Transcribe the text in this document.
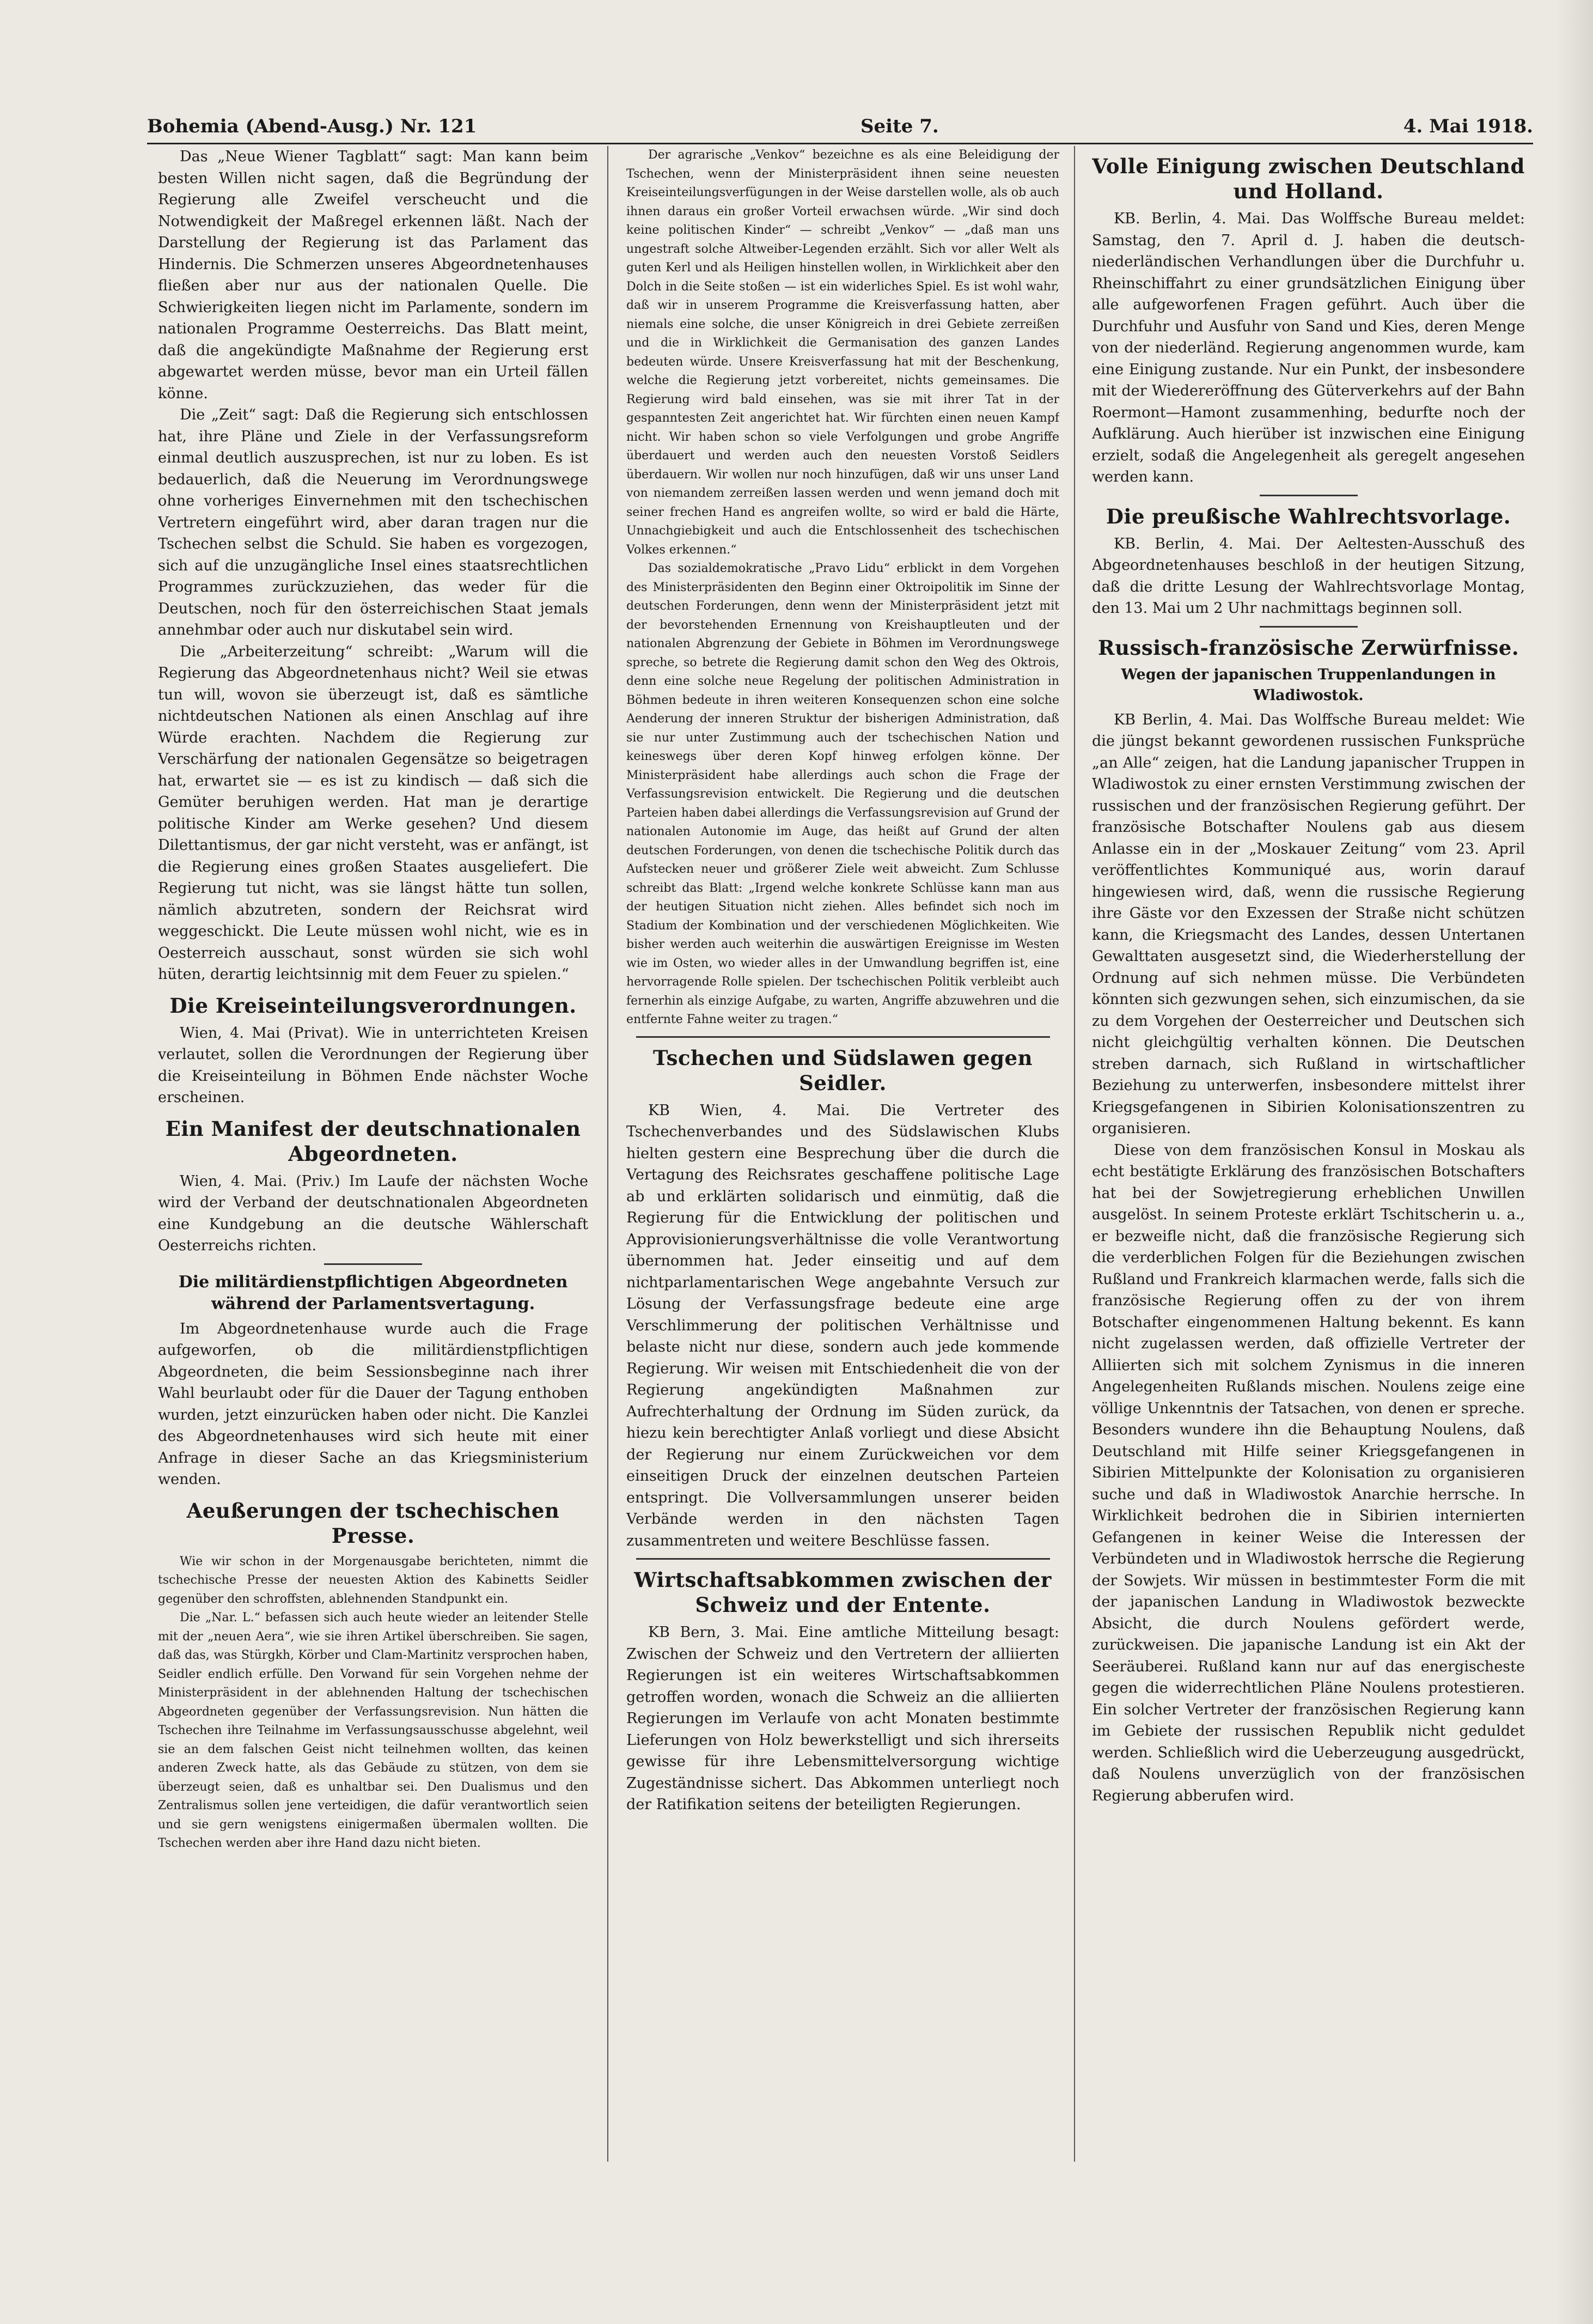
Bohemia (Abend-Ausg.) Nr. 121	Seite 7.	4. Mai 1918.

Das „Neue Wiener Tagblatt“ sagt: Man kann beim besten Willen nicht sagen, daß die Begründung der Regierung alle Zweifel verscheucht und die Notwendigkeit der Maßregel erkennen läßt. Nach der Darstellung der Regierung ist das Parlament das Hindernis. Die Schmerzen unseres Abgeordnetenhauses fließen aber nur aus der nationalen Quelle. Die Schwierigkeiten liegen nicht im Parlamente, sondern im nationalen Programme Oesterreichs. Das Blatt meint, daß die angekündigte Maßnahme der Regierung erst abgewartet werden müsse, bevor man ein Urteil fällen könne.

Die „Zeit“ sagt: Daß die Regierung sich entschlossen hat, ihre Pläne und Ziele in der Verfassungsreform einmal deutlich auszusprechen, ist nur zu loben. Es ist bedauerlich, daß die Neuerung im Verordnungswege ohne vorheriges Einvernehmen mit den tschechischen Vertretern eingeführt wird, aber daran tragen nur die Tschechen selbst die Schuld. Sie haben es vorgezogen, sich auf die unzugängliche Insel eines staatsrechtlichen Programmes zurückzuziehen, das weder für die Deutschen, noch für den österreichischen Staat jemals annehmbar oder auch nur diskutabel sein wird.

Die „Arbeiterzeitung“ schreibt: „Warum will die Regierung das Abgeordnetenhaus nicht? Weil sie etwas tun will, wovon sie überzeugt ist, daß es sämtliche nichtdeutschen Nationen als einen Anschlag auf ihre Würde erachten. Nachdem die Regierung zur Verschärfung der nationalen Gegensätze so beigetragen hat, erwartet sie — es ist zu kindisch — daß sich die Gemüter beruhigen werden. Hat man je derartige politische Kinder am Werke gesehen? Und diesem Dilettantismus, der gar nicht versteht, was er anfängt, ist die Regierung eines großen Staates ausgeliefert. Die Regierung tut nicht, was sie längst hätte tun sollen, nämlich abzutreten, sondern der Reichsrat wird weggeschickt. Die Leute müssen wohl nicht, wie es in Oesterreich ausschaut, sonst würden sie sich wohl hüten, derartig leichtsinnig mit dem Feuer zu spielen.“

Die Kreiseinteilungsverordnungen.

Wien, 4. Mai (Privat). Wie in unterrichteten Kreisen verlautet, sollen die Verordnungen der Regierung über die Kreiseinteilung in Böhmen Ende nächster Woche erscheinen.

Ein Manifest der deutschnationalen Abgeordneten.

Wien, 4. Mai. (Priv.) Im Laufe der nächsten Woche wird der Verband der deutschnationalen Abgeordneten eine Kundgebung an die deutsche Wählerschaft Oesterreichs richten.

Die militärdienstpflichtigen Abgeordneten während der Parlamentsvertagung.

Im Abgeordnetenhause wurde auch die Frage aufgeworfen, ob die militärdienstpflichtigen Abgeordneten, die beim Sessionsbeginne nach ihrer Wahl beurlaubt oder für die Dauer der Tagung enthoben wurden, jetzt einzurücken haben oder nicht. Die Kanzlei des Abgeordnetenhauses wird sich heute mit einer Anfrage in dieser Sache an das Kriegsministerium wenden.

Aeußerungen der tschechischen Presse.

Wie wir schon in der Morgenausgabe berichteten, nimmt die tschechische Presse der neuesten Aktion des Kabinetts Seidler gegenüber den schroffsten, ablehnenden Standpunkt ein.

Die „Nar. L.“ befassen sich auch heute wieder an leitender Stelle mit der „neuen Aera“, wie sie ihren Artikel überschreiben. Sie sagen, daß das, was Stürgkh, Körber und Clam-Martinitz versprochen haben, Seidler endlich erfülle. Den Vorwand für sein Vorgehen nehme der Ministerpräsident in der ablehnenden Haltung der tschechischen Abgeordneten gegenüber der Verfassungsrevision. Nun hätten die Tschechen ihre Teilnahme im Verfassungsausschusse abgelehnt, weil sie an dem falschen Geist nicht teilnehmen wollten, das keinen anderen Zweck hatte, als das Gebäude zu stützen, von dem sie überzeugt seien, daß es unhaltbar sei. Den Dualismus und den Zentralismus sollen jene verteidigen, die dafür verantwortlich seien und sie gern wenigstens einigermaßen übermalen wollten. Die Tschechen werden aber ihre Hand dazu nicht bieten.

Der agrarische „Venkov“ bezeichne es als eine Beleidigung der Tschechen, wenn der Ministerpräsident ihnen seine neuesten Kreiseinteilungsverfügungen in der Weise darstellen wolle, als ob auch ihnen daraus ein großer Vorteil erwachsen würde. „Wir sind doch keine politischen Kinder“ — schreibt „Venkov“ — „daß man uns ungestraft solche Altweiber-Legenden erzählt. Sich vor aller Welt als guten Kerl und als Heiligen hinstellen wollen, in Wirklichkeit aber den Dolch in die Seite stoßen — ist ein widerliches Spiel. Es ist wohl wahr, daß wir in unserem Programme die Kreisverfassung hatten, aber niemals eine solche, die unser Königreich in drei Gebiete zerreißen und die in Wirklichkeit die Germanisation des ganzen Landes bedeuten würde. Unsere Kreisverfassung hat mit der Beschenkung, welche die Regierung jetzt vorbereitet, nichts gemeinsames. Die Regierung wird bald einsehen, was sie mit ihrer Tat in der gespanntesten Zeit angerichtet hat. Wir fürchten einen neuen Kampf nicht. Wir haben schon so viele Verfolgungen und grobe Angriffe überdauert und werden auch den neuesten Vorstoß Seidlers überdauern. Wir wollen nur noch hinzufügen, daß wir uns unser Land von niemandem zerreißen lassen werden und wenn jemand doch mit seiner frechen Hand es angreifen wollte, so wird er bald die Härte, Unnachgiebigkeit und auch die Entschlossenheit des tschechischen Volkes erkennen.“

Das sozialdemokratische „Pravo Lidu“ erblickt in dem Vorgehen des Ministerpräsidenten den Beginn einer Oktroipolitik im Sinne der deutschen Forderungen, denn wenn der Ministerpräsident jetzt mit der bevorstehenden Ernennung von Kreishauptleuten und der nationalen Abgrenzung der Gebiete in Böhmen im Verordnungswege spreche, so betrete die Regierung damit schon den Weg des Oktrois, denn eine solche neue Regelung der politischen Administration in Böhmen bedeute in ihren weiteren Konsequenzen schon eine solche Aenderung der inneren Struktur der bisherigen Administration, daß sie nur unter Zustimmung auch der tschechischen Nation und keineswegs über deren Kopf hinweg erfolgen könne. Der Ministerpräsident habe allerdings auch schon die Frage der Verfassungsrevision entwickelt. Die Regierung und die deutschen Parteien haben dabei allerdings die Verfassungsrevision auf Grund der nationalen Autonomie im Auge, das heißt auf Grund der alten deutschen Forderungen, von denen die tschechische Politik durch das Aufstecken neuer und größerer Ziele weit abweicht. Zum Schlusse schreibt das Blatt: „Irgend welche konkrete Schlüsse kann man aus der heutigen Situation nicht ziehen. Alles befindet sich noch im Stadium der Kombination und der verschiedenen Möglichkeiten. Wie bisher werden auch weiterhin die auswärtigen Ereignisse im Westen wie im Osten, wo wieder alles in der Umwandlung begriffen ist, eine hervorragende Rolle spielen. Der tschechischen Politik verbleibt auch fernerhin als einzige Aufgabe, zu warten, Angriffe abzuwehren und die entfernte Fahne weiter zu tragen.“

Tschechen und Südslawen gegen Seidler.

KB Wien, 4. Mai. Die Vertreter des Tschechenverbandes und des Südslawischen Klubs hielten gestern eine Besprechung über die durch die Vertagung des Reichsrates geschaffene politische Lage ab und erklärten solidarisch und einmütig, daß die Regierung für die Entwicklung der politischen und Approvisionierungsverhältnisse die volle Verantwortung übernommen hat. Jeder einseitig und auf dem nichtparlamentarischen Wege angebahnte Versuch zur Lösung der Verfassungsfrage bedeute eine arge Verschlimmerung der politischen Verhältnisse und belaste nicht nur diese, sondern auch jede kommende Regierung. Wir weisen mit Entschiedenheit die von der Regierung angekündigten Maßnahmen zur Aufrechterhaltung der Ordnung im Süden zurück, da hiezu kein berechtigter Anlaß vorliegt und diese Absicht der Regierung nur einem Zurückweichen vor dem einseitigen Druck der einzelnen deutschen Parteien entspringt. Die Vollversammlungen unserer beiden Verbände werden in den nächsten Tagen zusammentreten und weitere Beschlüsse fassen.

Wirtschaftsabkommen zwischen der Schweiz und der Entente.

KB Bern, 3. Mai. Eine amtliche Mitteilung besagt: Zwischen der Schweiz und den Vertretern der alliierten Regierungen ist ein weiteres Wirtschaftsabkommen getroffen worden, wonach die Schweiz an die alliierten Regierungen im Verlaufe von acht Monaten bestimmte Lieferungen von Holz bewerkstelligt und sich ihrerseits gewisse für ihre Lebensmittelversorgung wichtige Zugeständnisse sichert. Das Abkommen unterliegt noch der Ratifikation seitens der beteiligten Regierungen.

Volle Einigung zwischen Deutschland und Holland.

KB. Berlin, 4. Mai. Das Wolffsche Bureau meldet: Samstag, den 7. April d. J. haben die deutsch-niederländischen Verhandlungen über die Durchfuhr u. Rheinschiffahrt zu einer grundsätzlichen Einigung über alle aufgeworfenen Fragen geführt. Auch über die Durchfuhr und Ausfuhr von Sand und Kies, deren Menge von der niederländ. Regierung angenommen wurde, kam eine Einigung zustande. Nur ein Punkt, der insbesondere mit der Wiedereröffnung des Güterverkehrs auf der Bahn Roermont—Hamont zusammenhing, bedurfte noch der Aufklärung. Auch hierüber ist inzwischen eine Einigung erzielt, sodaß die Angelegenheit als geregelt angesehen werden kann.

Die preußische Wahlrechtsvorlage.

KB. Berlin, 4. Mai. Der Aeltesten-Ausschuß des Abgeordnetenhauses beschloß in der heutigen Sitzung, daß die dritte Lesung der Wahlrechtsvorlage Montag, den 13. Mai um 2 Uhr nachmittags beginnen soll.

Russisch-französische Zerwürfnisse.
Wegen der japanischen Truppenlandungen in Wladiwostok.

KB Berlin, 4. Mai. Das Wolffsche Bureau meldet: Wie die jüngst bekannt gewordenen russischen Funksprüche „an Alle“ zeigen, hat die Landung japanischer Truppen in Wladiwostok zu einer ernsten Verstimmung zwischen der russischen und der französischen Regierung geführt. Der französische Botschafter Noulens gab aus diesem Anlasse ein in der „Moskauer Zeitung“ vom 23. April veröffentlichtes Kommuniqué aus, worin darauf hingewiesen wird, daß, wenn die russische Regierung ihre Gäste vor den Exzessen der Straße nicht schützen kann, die Kriegsmacht des Landes, dessen Untertanen Gewalttaten ausgesetzt sind, die Wiederherstellung der Ordnung auf sich nehmen müsse. Die Verbündeten könnten sich gezwungen sehen, sich einzumischen, da sie zu dem Vorgehen der Oesterreicher und Deutschen sich nicht gleichgültig verhalten können. Die Deutschen streben darnach, sich Rußland in wirtschaftlicher Beziehung zu unterwerfen, insbesondere mittelst ihrer Kriegsgefangenen in Sibirien Kolonisationszentren zu organisieren.

Diese von dem französischen Konsul in Moskau als echt bestätigte Erklärung des französischen Botschafters hat bei der Sowjetregierung erheblichen Unwillen ausgelöst. In seinem Proteste erklärt Tschitscherin u. a., er bezweifle nicht, daß die französische Regierung sich die verderblichen Folgen für die Beziehungen zwischen Rußland und Frankreich klarmachen werde, falls sich die französische Regierung offen zu der von ihrem Botschafter eingenommenen Haltung bekennt. Es kann nicht zugelassen werden, daß offizielle Vertreter der Alliierten sich mit solchem Zynismus in die inneren Angelegenheiten Rußlands mischen. Noulens zeige eine völlige Unkenntnis der Tatsachen, von denen er spreche. Besonders wundere ihn die Behauptung Noulens, daß Deutschland mit Hilfe seiner Kriegsgefangenen in Sibirien Mittelpunkte der Kolonisation zu organisieren suche und daß in Wladiwostok Anarchie herrsche. In Wirklichkeit bedrohen die in Sibirien internierten Gefangenen in keiner Weise die Interessen der Verbündeten und in Wladiwostok herrsche die Regierung der Sowjets. Wir müssen in bestimmtester Form die mit der japanischen Landung in Wladiwostok bezweckte Absicht, die durch Noulens gefördert werde, zurückweisen. Die japanische Landung ist ein Akt der Seeräuberei. Rußland kann nur auf das energischeste gegen die widerrechtlichen Pläne Noulens protestieren. Ein solcher Vertreter der französischen Regierung kann im Gebiete der russischen Republik nicht geduldet werden. Schließlich wird die Ueberzeugung ausgedrückt, daß Noulens unverzüglich von der französischen Regierung abberufen wird.
